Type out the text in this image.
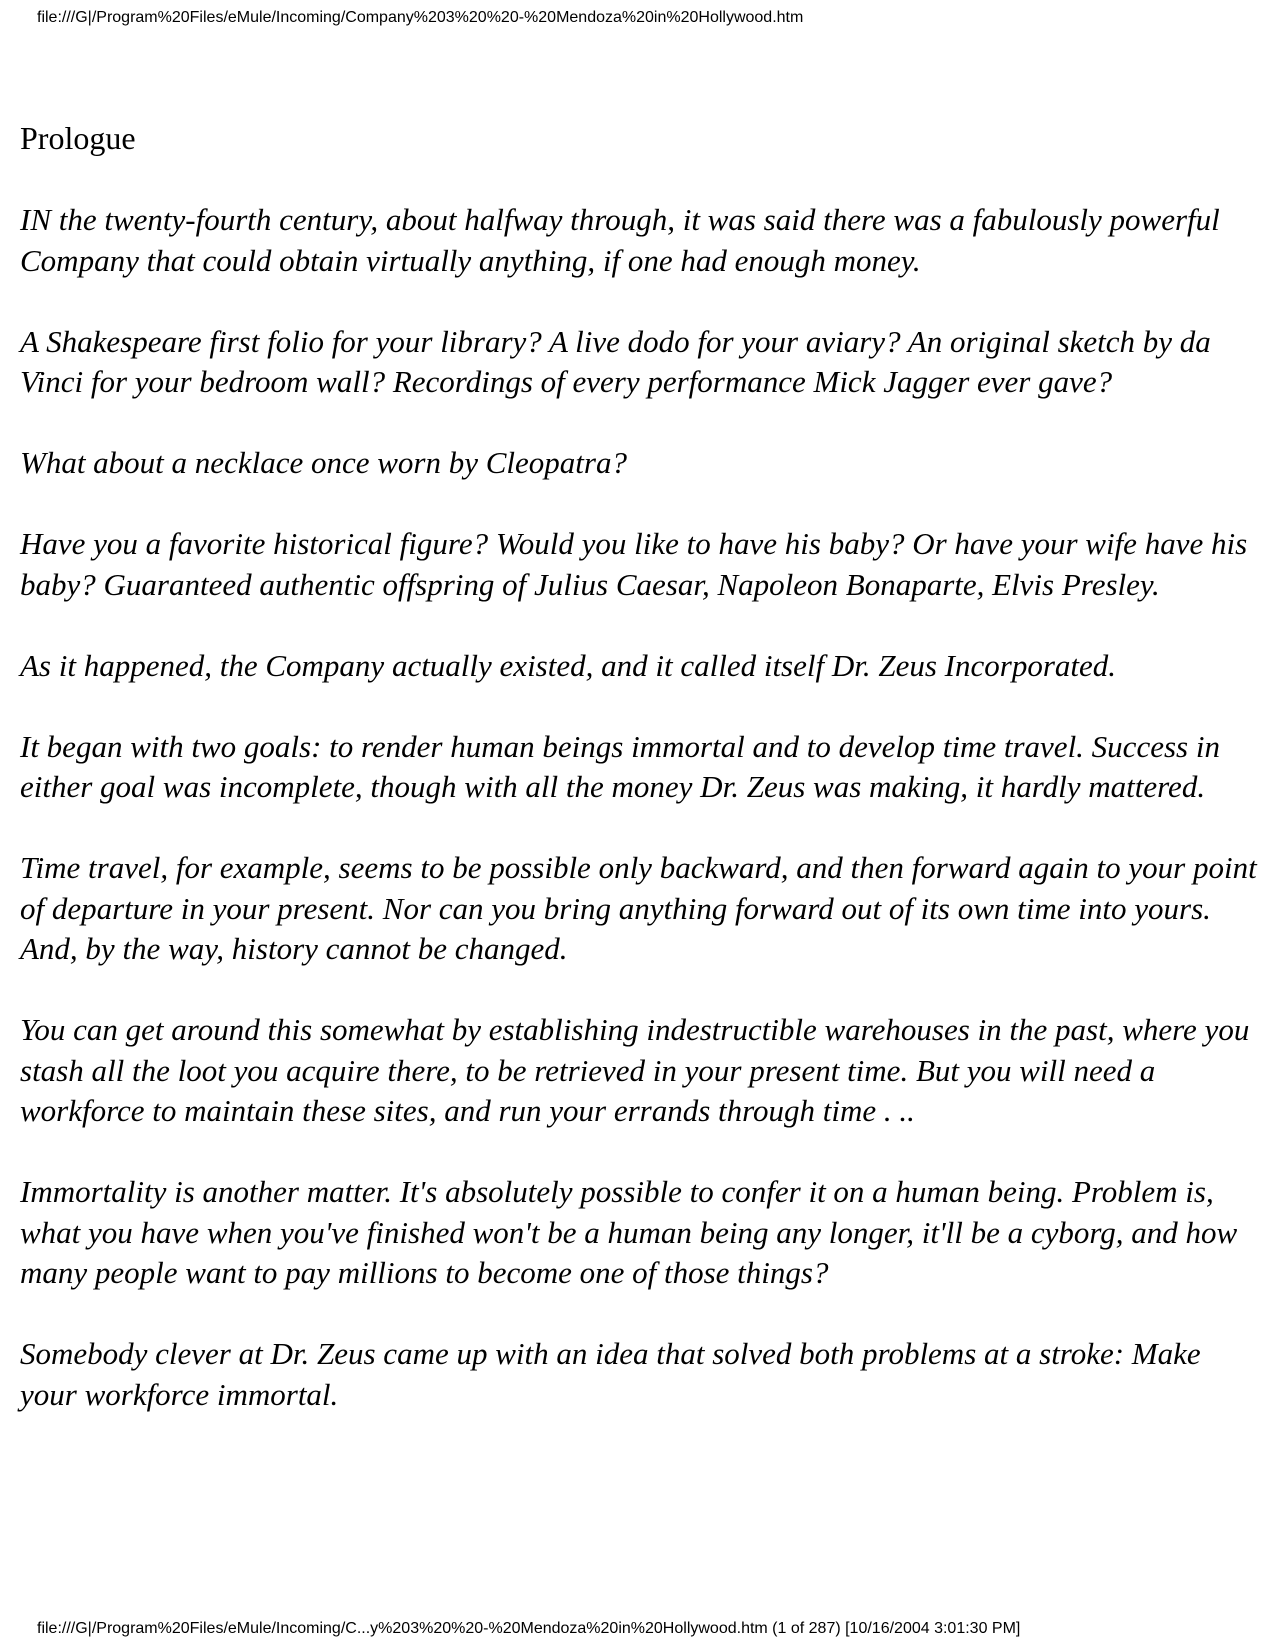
file:///G|/Program%20Files/eMule/Incoming/Company%203%20%20-%20Mendoza%20in%20Hollywood.htm
Prologue

IN the twenty-fourth century, about halfway through, it was said there was a fabulously powerful Company that could obtain virtually anything, if one had enough money.

A Shakespeare first folio for your library? A live dodo for your aviary? An original sketch by da Vinci for your bedroom wall? Recordings of every performance Mick Jagger ever gave?

What about a necklace once worn by Cleopatra?

Have you a favorite historical figure? Would you like to have his baby? Or have your wife have his baby? Guaranteed authentic offspring of Julius Caesar, Napoleon Bonaparte, Elvis Presley.

As it happened, the Company actually existed, and it called itself Dr. Zeus Incorporated.

It began with two goals: to render human beings immortal and to develop time travel. Success in either goal was incomplete, though with all the money Dr. Zeus was making, it hardly mattered.

Time travel, for example, seems to be possible only backward, and then forward again to your point of departure in your present. Nor can you bring anything forward out of its own time into yours. And, by the way, history cannot be changed.

You can get around this somewhat by establishing indestructible warehouses in the past, where you stash all the loot you acquire there, to be retrieved in your present time. But you will need a workforce to maintain these sites, and run your errands through time . ..

Immortality is another matter. It's absolutely possible to confer it on a human being. Problem is, what you have when you've finished won't be a human being any longer, it'll be a cyborg, and how many people want to pay millions to become one of those things?

Somebody clever at Dr. Zeus came up with an idea that solved both problems at a stroke: Make your workforce immortal.

file:///G|/Program%20Files/eMule/Incoming/C...y%203%20%20-%20Mendoza%20in%20Hollywood.htm (1 of 287) [10/16/2004 3:01:30 PM]
